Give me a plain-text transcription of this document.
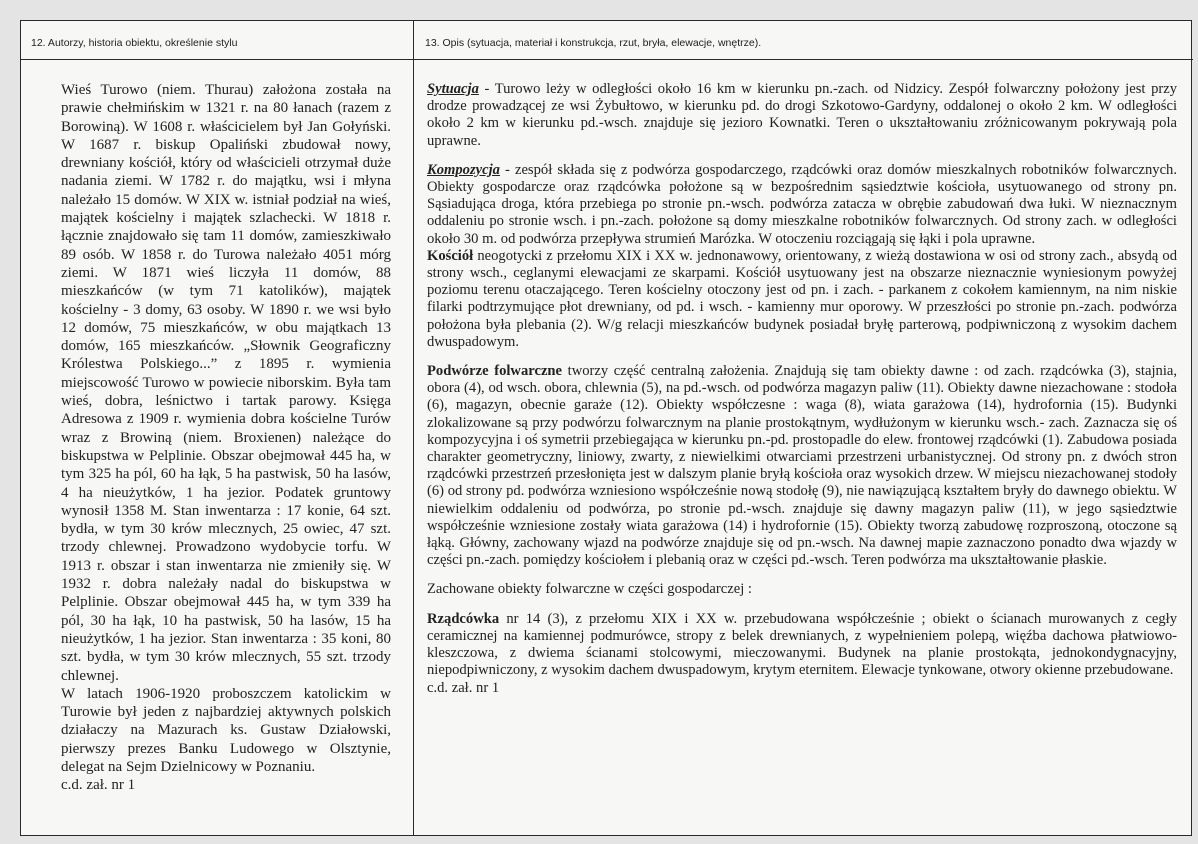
12. Autorzy, historia obiektu, określenie stylu	13. Opis (sytuacja, materiał i konstrukcja, rzut, bryła, elewacje, wnętrze).
Wieś Turowo (niem. Thurau) założona została na prawie chełmińskim w 1321 r. na 80 łanach (razem z Borowiną). W 1608 r. właścicielem był Jan Gołyński. W 1687 r. biskup Opaliński zbudował nowy, drewniany kościół, który od właścicieli otrzymał duże nadania ziemi. W 1782 r. do majątku, wsi i młyna należało 15 domów. W XIX w. istniał podział na wieś, majątek kościelny i majątek szlachecki. W 1818 r. łącznie znajdowało się tam 11 domów, zamieszkiwało 89 osób. W 1858 r. do Turowa należało 4051 mórg ziemi. W 1871 wieś liczyła 11 domów, 88 mieszkańców (w tym 71 katolików), majątek kościelny - 3 domy, 63 osoby. W 1890 r. we wsi było 12 domów, 75 mieszkańców, w obu majątkach 13 domów, 165 mieszkańców. „Słownik Geograficzny Królestwa Polskiego...” z 1895 r. wymienia miejscowość Turowo w powiecie niborskim. Była tam wieś, dobra, leśnictwo i tartak parowy. Księga Adresowa z 1909 r. wymienia dobra kościelne Turów wraz z Browiną (niem. Broxienen) należące do biskupstwa w Pelplinie. Obszar obejmował 445 ha, w tym 325 ha pól, 60 ha łąk, 5 ha pastwisk, 50 ha lasów, 4 ha nieużytków, 1 ha jezior. Podatek gruntowy wynosił 1358 M. Stan inwentarza : 17 konie, 64 szt. bydła, w tym 30 krów mlecznych, 25 owiec, 47 szt. trzody chlewnej. Prowadzono wydobycie torfu. W 1913 r. obszar i stan inwentarza nie zmieniły się. W 1932 r. dobra należały nadal do biskupstwa w Pelplinie. Obszar obejmował 445 ha, w tym 339 ha pól, 30 ha łąk, 10 ha pastwisk, 50 ha lasów, 15 ha nieużytków, 1 ha jezior. Stan inwentarza : 35 koni, 80 szt. bydła, w tym 30 krów mlecznych, 55 szt. trzody chlewnej.
W latach 1906-1920 proboszczem katolickim w Turowie był jeden z najbardziej aktywnych polskich działaczy na Mazurach ks. Gustaw Działowski, pierwszy prezes Banku Ludowego w Olsztynie, delegat na Sejm Dzielnicowy w Poznaniu.
c.d. zał. nr 1
Sytuacja - Turowo leży w odległości około 16 km w kierunku pn.-zach. od Nidzicy. Zespół folwarczny położony jest przy drodze prowadzącej ze wsi Żybułtowo, w kierunku pd. do drogi Szkotowo-Gardyny, oddalonej o około 2 km. W odległości około 2 km w kierunku pd.-wsch. znajduje się jezioro Kownatki. Teren o ukształtowaniu zróżnicowanym pokrywają pola uprawne.
Kompozycja - zespół składa się z podwórza gospodarczego, rządcówki oraz domów mieszkalnych robotników folwarcznych. Obiekty gospodarcze oraz rządcówka położone są w bezpośrednim sąsiedztwie kościoła, usytuowanego od strony pn. Sąsiadująca droga, która przebiega po stronie pn.-wsch. podwórza zatacza w obrębie zabudowań dwa łuki. W nieznacznym oddaleniu po stronie wsch. i pn.-zach. położone są domy mieszkalne robotników folwarcznych. Od strony zach. w odległości około 30 m. od podwórza przepływa strumień Marózka. W otoczeniu rozciągają się łąki i pola uprawne.
Kościół neogotycki z przełomu XIX i XX w. jednonawowy, orientowany, z wieżą dostawiona w osi od strony zach., absydą od strony wsch., ceglanymi elewacjami ze skarpami. Kościół usytuowany jest na obszarze nieznacznie wyniesionym powyżej poziomu terenu otaczającego. Teren kościelny otoczony jest od pn. i zach. - parkanem z cokołem kamiennym, na nim niskie filarki podtrzymujące płot drewniany, od pd. i wsch. - kamienny mur oporowy. W przeszłości po stronie pn.-zach. podwórza położona była plebania (2). W/g relacji mieszkańców budynek posiadał bryłę parterową, podpiwniczoną z wysokim dachem dwuspadowym.
Podwórze folwarczne tworzy część centralną założenia. Znajdują się tam obiekty dawne : od zach. rządcówka (3), stajnia, obora (4), od wsch. obora, chlewnia (5), na pd.-wsch. od podwórza magazyn paliw (11). Obiekty dawne niezachowane : stodoła (6), magazyn, obecnie garaże (12). Obiekty współczesne : waga (8), wiata garażowa (14), hydrofornia (15). Budynki zlokalizowane są przy podwórzu folwarcznym na planie prostokątnym, wydłużonym w kierunku wsch.- zach. Zaznacza się oś kompozycyjna i oś symetrii przebiegająca w kierunku pn.-pd. prostopadle do elew. frontowej rządcówki (1). Zabudowa posiada charakter geometryczny, liniowy, zwarty, z niewielkimi otwarciami przestrzeni urbanistycznej. Od strony pn. z dwóch stron rządcówki przestrzeń przesłonięta jest w dalszym planie bryłą kościoła oraz wysokich drzew. W miejscu niezachowanej stodoły (6) od strony pd. podwórza wzniesiono współcześnie nową stodołę (9), nie nawiązującą kształtem bryły do dawnego obiektu. W niewielkim oddaleniu od podwórza, po stronie pd.-wsch. znajduje się dawny magazyn paliw (11), w jego sąsiedztwie współcześnie wzniesione zostały wiata garażowa (14) i hydrofornie (15). Obiekty tworzą zabudowę rozproszoną, otoczone są łąką. Główny, zachowany wjazd na podwórze znajduje się od pn.-wsch. Na dawnej mapie zaznaczono ponadto dwa wjazdy w części pn.-zach. pomiędzy kościołem i plebanią oraz w części pd.-wsch. Teren podwórza ma ukształtowanie płaskie.
Zachowane obiekty folwarczne w części gospodarczej :
Rządcówka nr 14 (3), z przełomu XIX i XX w. przebudowana współcześnie ; obiekt o ścianach murowanych z cegły ceramicznej na kamiennej podmurówce, stropy z belek drewnianych, z wypełnieniem polepą, więźba dachowa płatwiowo-kleszczowa, z dwiema ścianami stolcowymi, mieczowanymi. Budynek na planie prostokąta, jednokondygnacyjny, niepodpiwniczony, z wysokim dachem dwuspadowym, krytym eternitem. Elewacje tynkowane, otwory okienne przebudowane.
c.d. zał. nr 1
